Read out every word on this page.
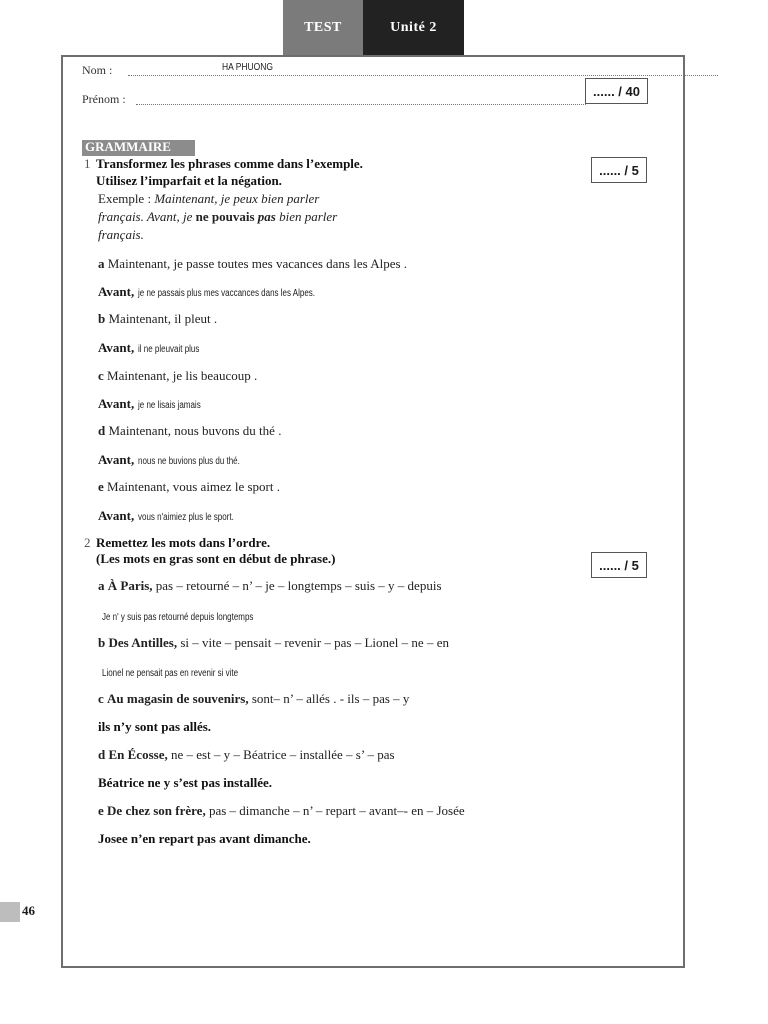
TEST	Unité 2
Nom :	HA PHUONG
Prénom :
...... / 40
GRAMMAIRE
1 Transformez les phrases comme dans l’exemple.
Utilisez l’imparfait et la négation.
...... / 5
Exemple : Maintenant, je peux bien parler
français. Avant, je ne pouvais pas bien parler
français.
a Maintenant, je passe toutes mes vacances dans les Alpes .
Avant, je ne passais plus mes vaccances dans les Alpes.
b Maintenant, il pleut .
Avant, il ne pleuvait plus
c Maintenant, je lis beaucoup .
Avant, je ne lisais jamais
d Maintenant, nous buvons du thé .
Avant, nous ne buvions plus du thé.
e Maintenant, vous aimez le sport .
Avant, vous n'aimiez plus le sport.
2 Remettez les mots dans l’ordre.
(Les mots en gras sont en début de phrase.)	...... / 5
a À Paris, pas – retourné – n’ – je – longtemps – suis – y – depuis
Je n' y suis pas retourné depuis longtemps
b Des Antilles, si – vite – pensait – revenir – pas – Lionel – ne – en
Lionel ne pensait pas en revenir si vite
c Au magasin de souvenirs, sont– n’ – allés . - ils – pas – y
ils n’y sont pas allés.
d En Écosse, ne – est – y – Béatrice – installée – s’ – pas
Béatrice ne y s’est pas installée.
e De chez son frère, pas – dimanche – n’ – repart – avant–- en – Josée
Josee n’en repart pas avant dimanche.
46
